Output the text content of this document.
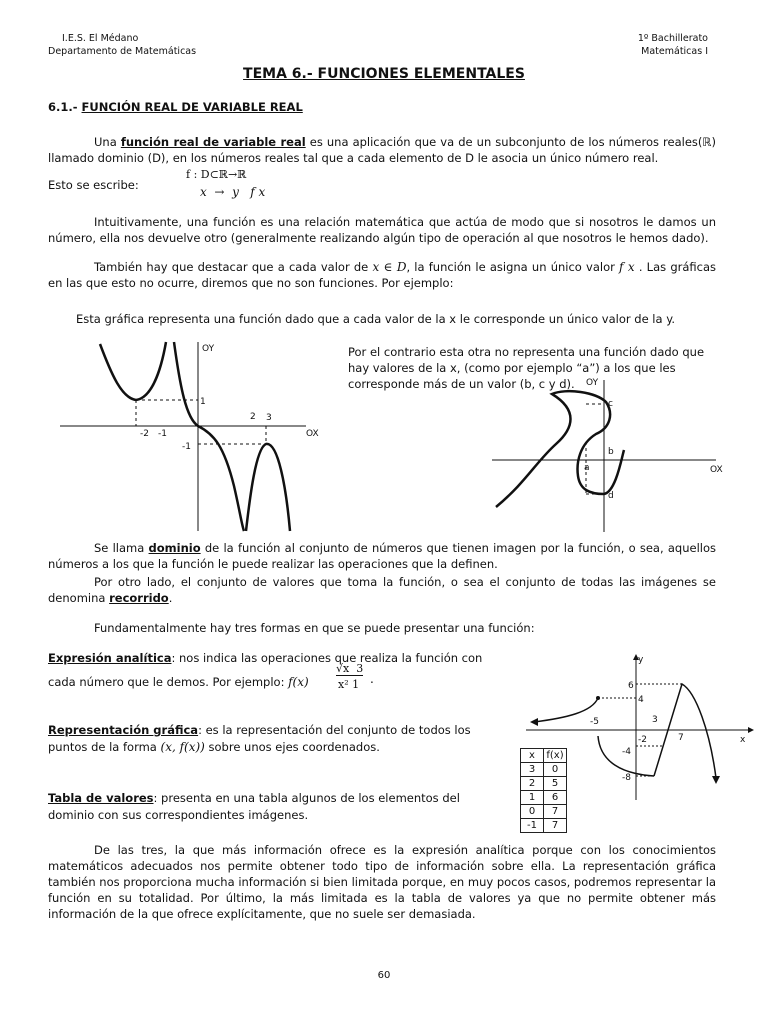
I.E.S. El Médano
Departamento de Matemáticas
1º Bachillerato
Matemáticas I
TEMA 6.- FUNCIONES ELEMENTALES
6.1.- FUNCIÓN REAL DE VARIABLE REAL
Una función real de variable real es una aplicación que va de un subconjunto de los números reales(ℝ) llamado dominio (D), en los números reales tal que a cada elemento de D le asocia un único número real.
Esto se escribe:
f : D⊂ℝ→ℝ
x  →  y   f x
Intuitivamente, una función es una relación matemática que actúa de modo que si nosotros le damos un número, ella nos devuelve otro (generalmente realizando algún tipo de operación al que nosotros le hemos dado).
También hay que destacar que a cada valor de x ∈ D, la función le asigna un único valor f x . Las gráficas en las que esto no ocurre, diremos que no son funciones. Por ejemplo:
Esta gráfica representa una función dado que a cada valor de la x le corresponde un único valor de la y.
OY
OX
1
2 3
-2 -1
-1
Por el contrario esta otra no representa una función dado que hay valores de la x, (como por ejemplo “a”) a los que les corresponde más de un valor (b, c y d).	OY
OX
a
b
c
d
Se llama dominio de la función al conjunto de números que tienen imagen por la función, o sea, aquellos números a los que la función le puede realizar las operaciones que la definen.
Por otro lado, el conjunto de valores que toma la función, o sea el conjunto de todas las imágenes se denomina recorrido.
Fundamentalmente hay tres formas en que se puede presentar una función:
Expresión analítica: nos indica las operaciones que realiza la función con cada número que le demos. Por ejemplo: f(x)
√x  3
x² 1 .
Representación gráfica: es la representación del conjunto de todos los puntos de la forma (x, f(x)) sobre unos ejes coordenados.
Tabla de valores: presenta en una tabla algunos de los elementos del dominio con sus correspondientes imágenes.
x	f(x)
3	0
2	5
1	6
0	7
-1	7
y
x
6
4
-5	3
7
-2
-4
-8
De las tres, la que más información ofrece es la expresión analítica porque con los conocimientos matemáticos adecuados nos permite obtener todo tipo de información sobre ella. La representación gráfica también nos proporciona mucha información si bien limitada porque, en muy pocos casos, podremos representar la función en su totalidad. Por último, la más limitada es la tabla de valores ya que no permite obtener más información de la que ofrece explícitamente, que no suele ser demasiada.
60
